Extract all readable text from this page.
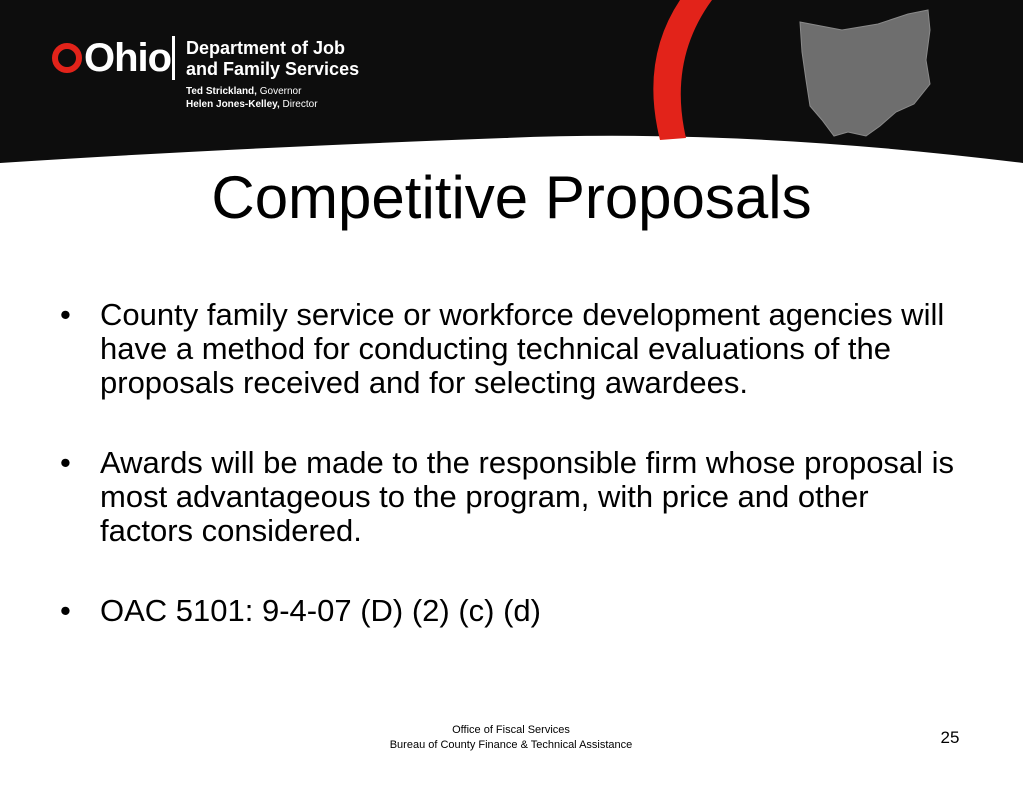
Ohio Department of Job
and Family Services
Ted Strickland, Governor
Helen Jones-Kelley, Director
Competitive Proposals
• County family service or workforce development agencies will have a method for conducting technical evaluations of the proposals received and for selecting awardees.
• Awards will be made to the responsible firm whose proposal is most advantageous to the program, with price and other factors considered.
• OAC 5101: 9-4-07 (D) (2) (c) (d)
Office of Fiscal Services
Bureau of County Finance & Technical Assistance	25
